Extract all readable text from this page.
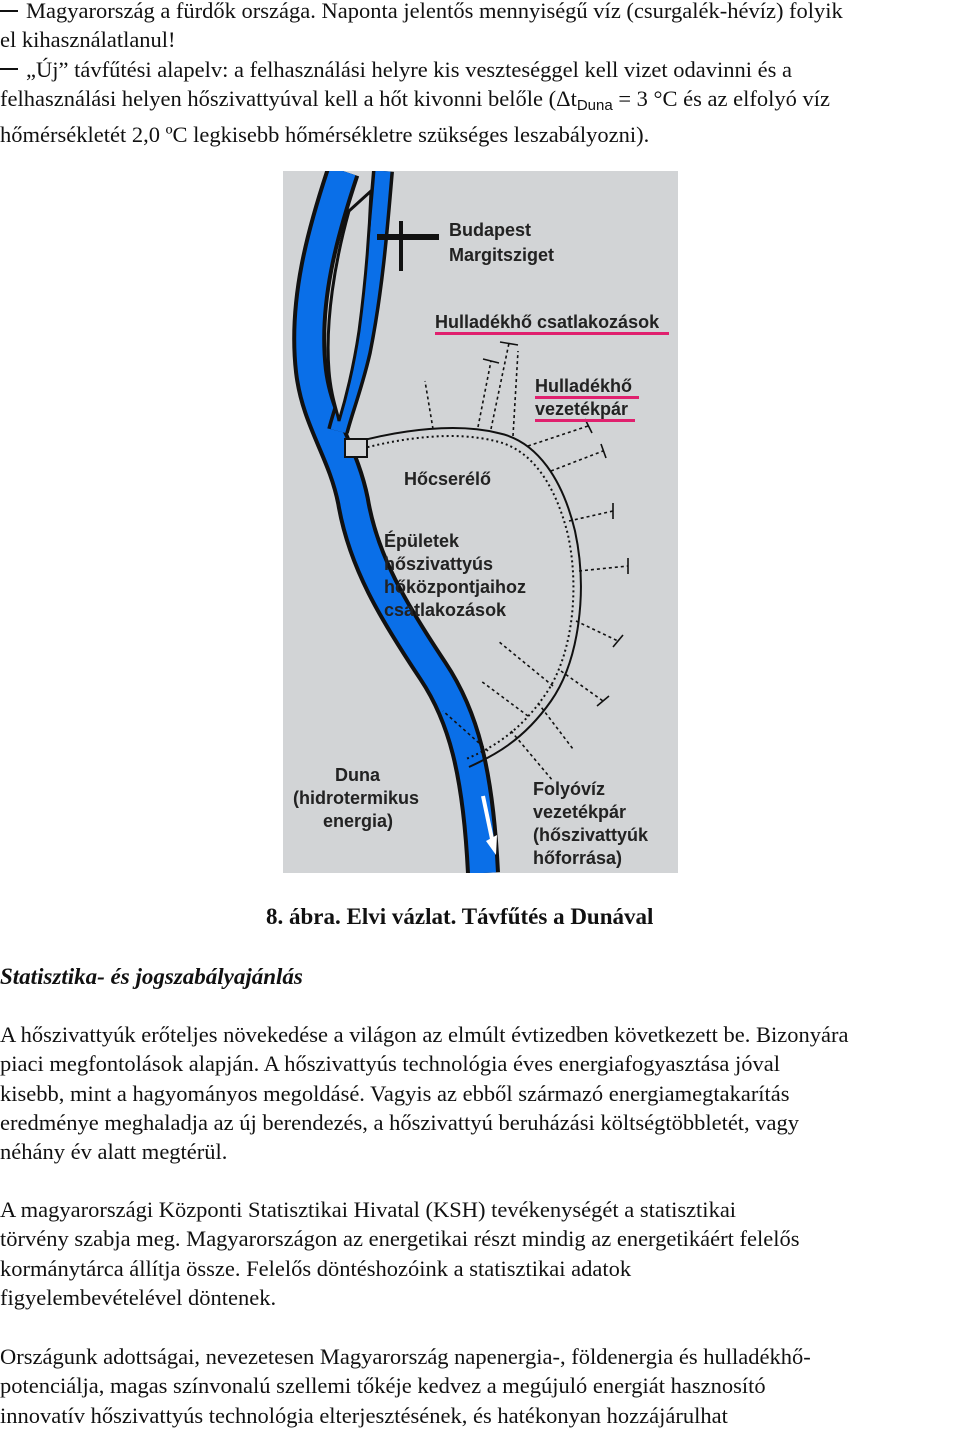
Magyarország a fürdők országa. Naponta jelentős mennyiségű víz (csurgalék-hévíz) folyik
el kihasználatlanul!
„Új” távfűtési alapelv: a felhasználási helyre kis veszteséggel kell vizet odavinni és a
felhasználási helyen hőszivattyúval kell a hőt kivonni belőle ($\Delta t_{Duna} = 3$ °C és az elfolyó víz
hőmérsékletét 2,0 ºC legkisebb hőmérsékletre szükséges leszabályozni).
Budapest
Margitsziget
Hulladékhő csatlakozások
Hulladékhő
vezetékpár
Hőcserélő
Épületek
hőszivattyús
hőközpontjaihoz
csatlakozások
Duna
(hidrotermikus
energia)
Folyóvíz
vezetékpár
(hőszivattyúk
hőforrása)
8. ábra. Elvi vázlat. Távfűtés a Dunával
Statisztika- és jogszabályajánlás
A hőszivattyúk erőteljes növekedése a világon az elmúlt évtizedben következett be. Bizonyára
piaci megfontolások alapján. A hőszivattyús technológia éves energiafogyasztása jóval
kisebb, mint a hagyományos megoldásé. Vagyis az ebből származó energiamegtakarítás
eredménye meghaladja az új berendezés, a hőszivattyú beruházási költségtöbbletét, vagy
néhány év alatt megtérül.
A magyarországi Központi Statisztikai Hivatal (KSH) tevékenységét a statisztikai
törvény szabja meg. Magyarországon az energetikai részt mindig az energetikáért felelős
kormánytárca állítja össze. Felelős döntéshozóink a statisztikai adatok
figyelembevételével döntenek.
Országunk adottságai, nevezetesen Magyarország napenergia-, földenergia és hulladékhő-
potenciálja, magas színvonalú szellemi tőkéje kedvez a megújuló energiát hasznosító
innovatív hőszivattyús technológia elterjesztésének, és hatékonyan hozzájárulhat
